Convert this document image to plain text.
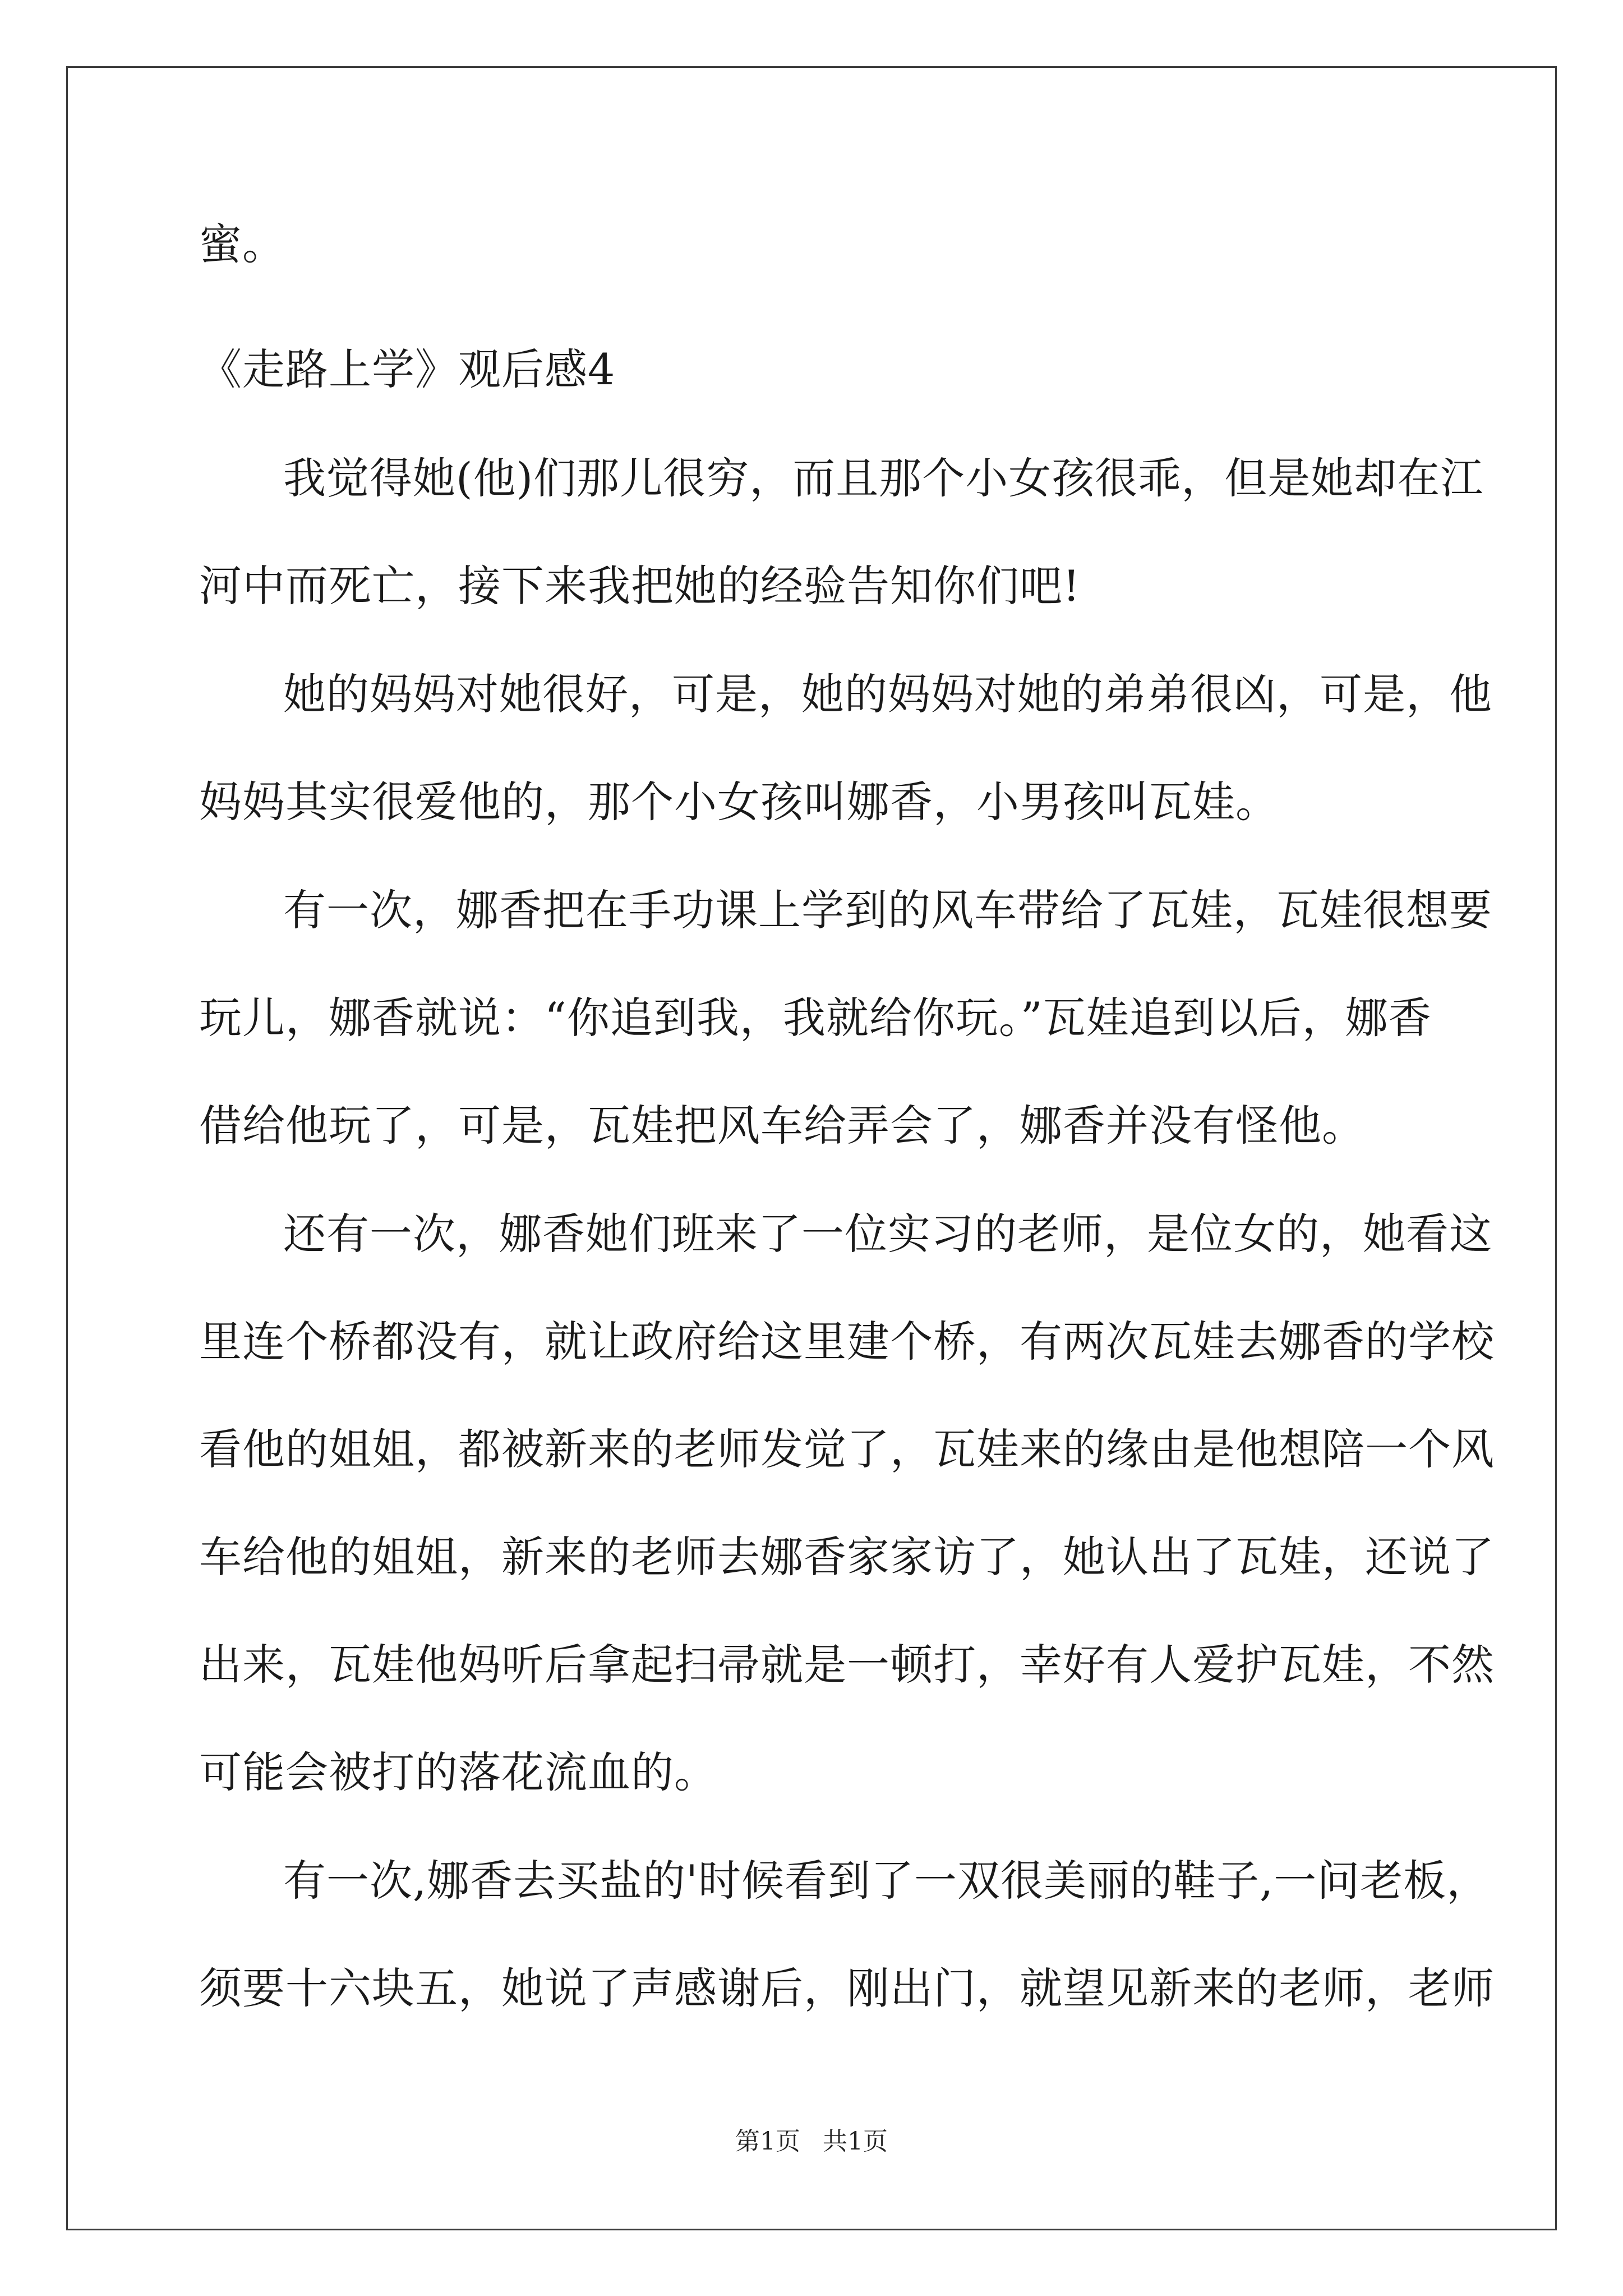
蜜。

《走路上学》观后感4

我觉得她(他)们那儿很穷，而且那个小女孩很乖，但是她却在江

河中而死亡，接下来我把她的经验告知你们吧!

她的妈妈对她很好，可是，她的妈妈对她的弟弟很凶，可是，他

妈妈其实很爱他的，那个小女孩叫娜香，小男孩叫瓦娃。

有一次，娜香把在手功课上学到的风车带给了瓦娃，瓦娃很想要

玩儿，娜香就说：“你追到我，我就给你玩。”瓦娃追到以后，娜香

借给他玩了，可是，瓦娃把风车给弄会了，娜香并没有怪他。

还有一次，娜香她们班来了一位实习的老师，是位女的，她看这

里连个桥都没有，就让政府给这里建个桥，有两次瓦娃去娜香的学校

看他的姐姐，都被新来的老师发觉了，瓦娃来的缘由是他想陪一个风

车给他的姐姐，新来的老师去娜香家家访了，她认出了瓦娃，还说了

出来，瓦娃他妈听后拿起扫帚就是一顿打，幸好有人爱护瓦娃，不然

可能会被打的落花流血的。

有一次,娜香去买盐的'时候看到了一双很美丽的鞋子,一问老板，

须要十六块五，她说了声感谢后，刚出门，就望见新来的老师，老师

第1页 共1页
